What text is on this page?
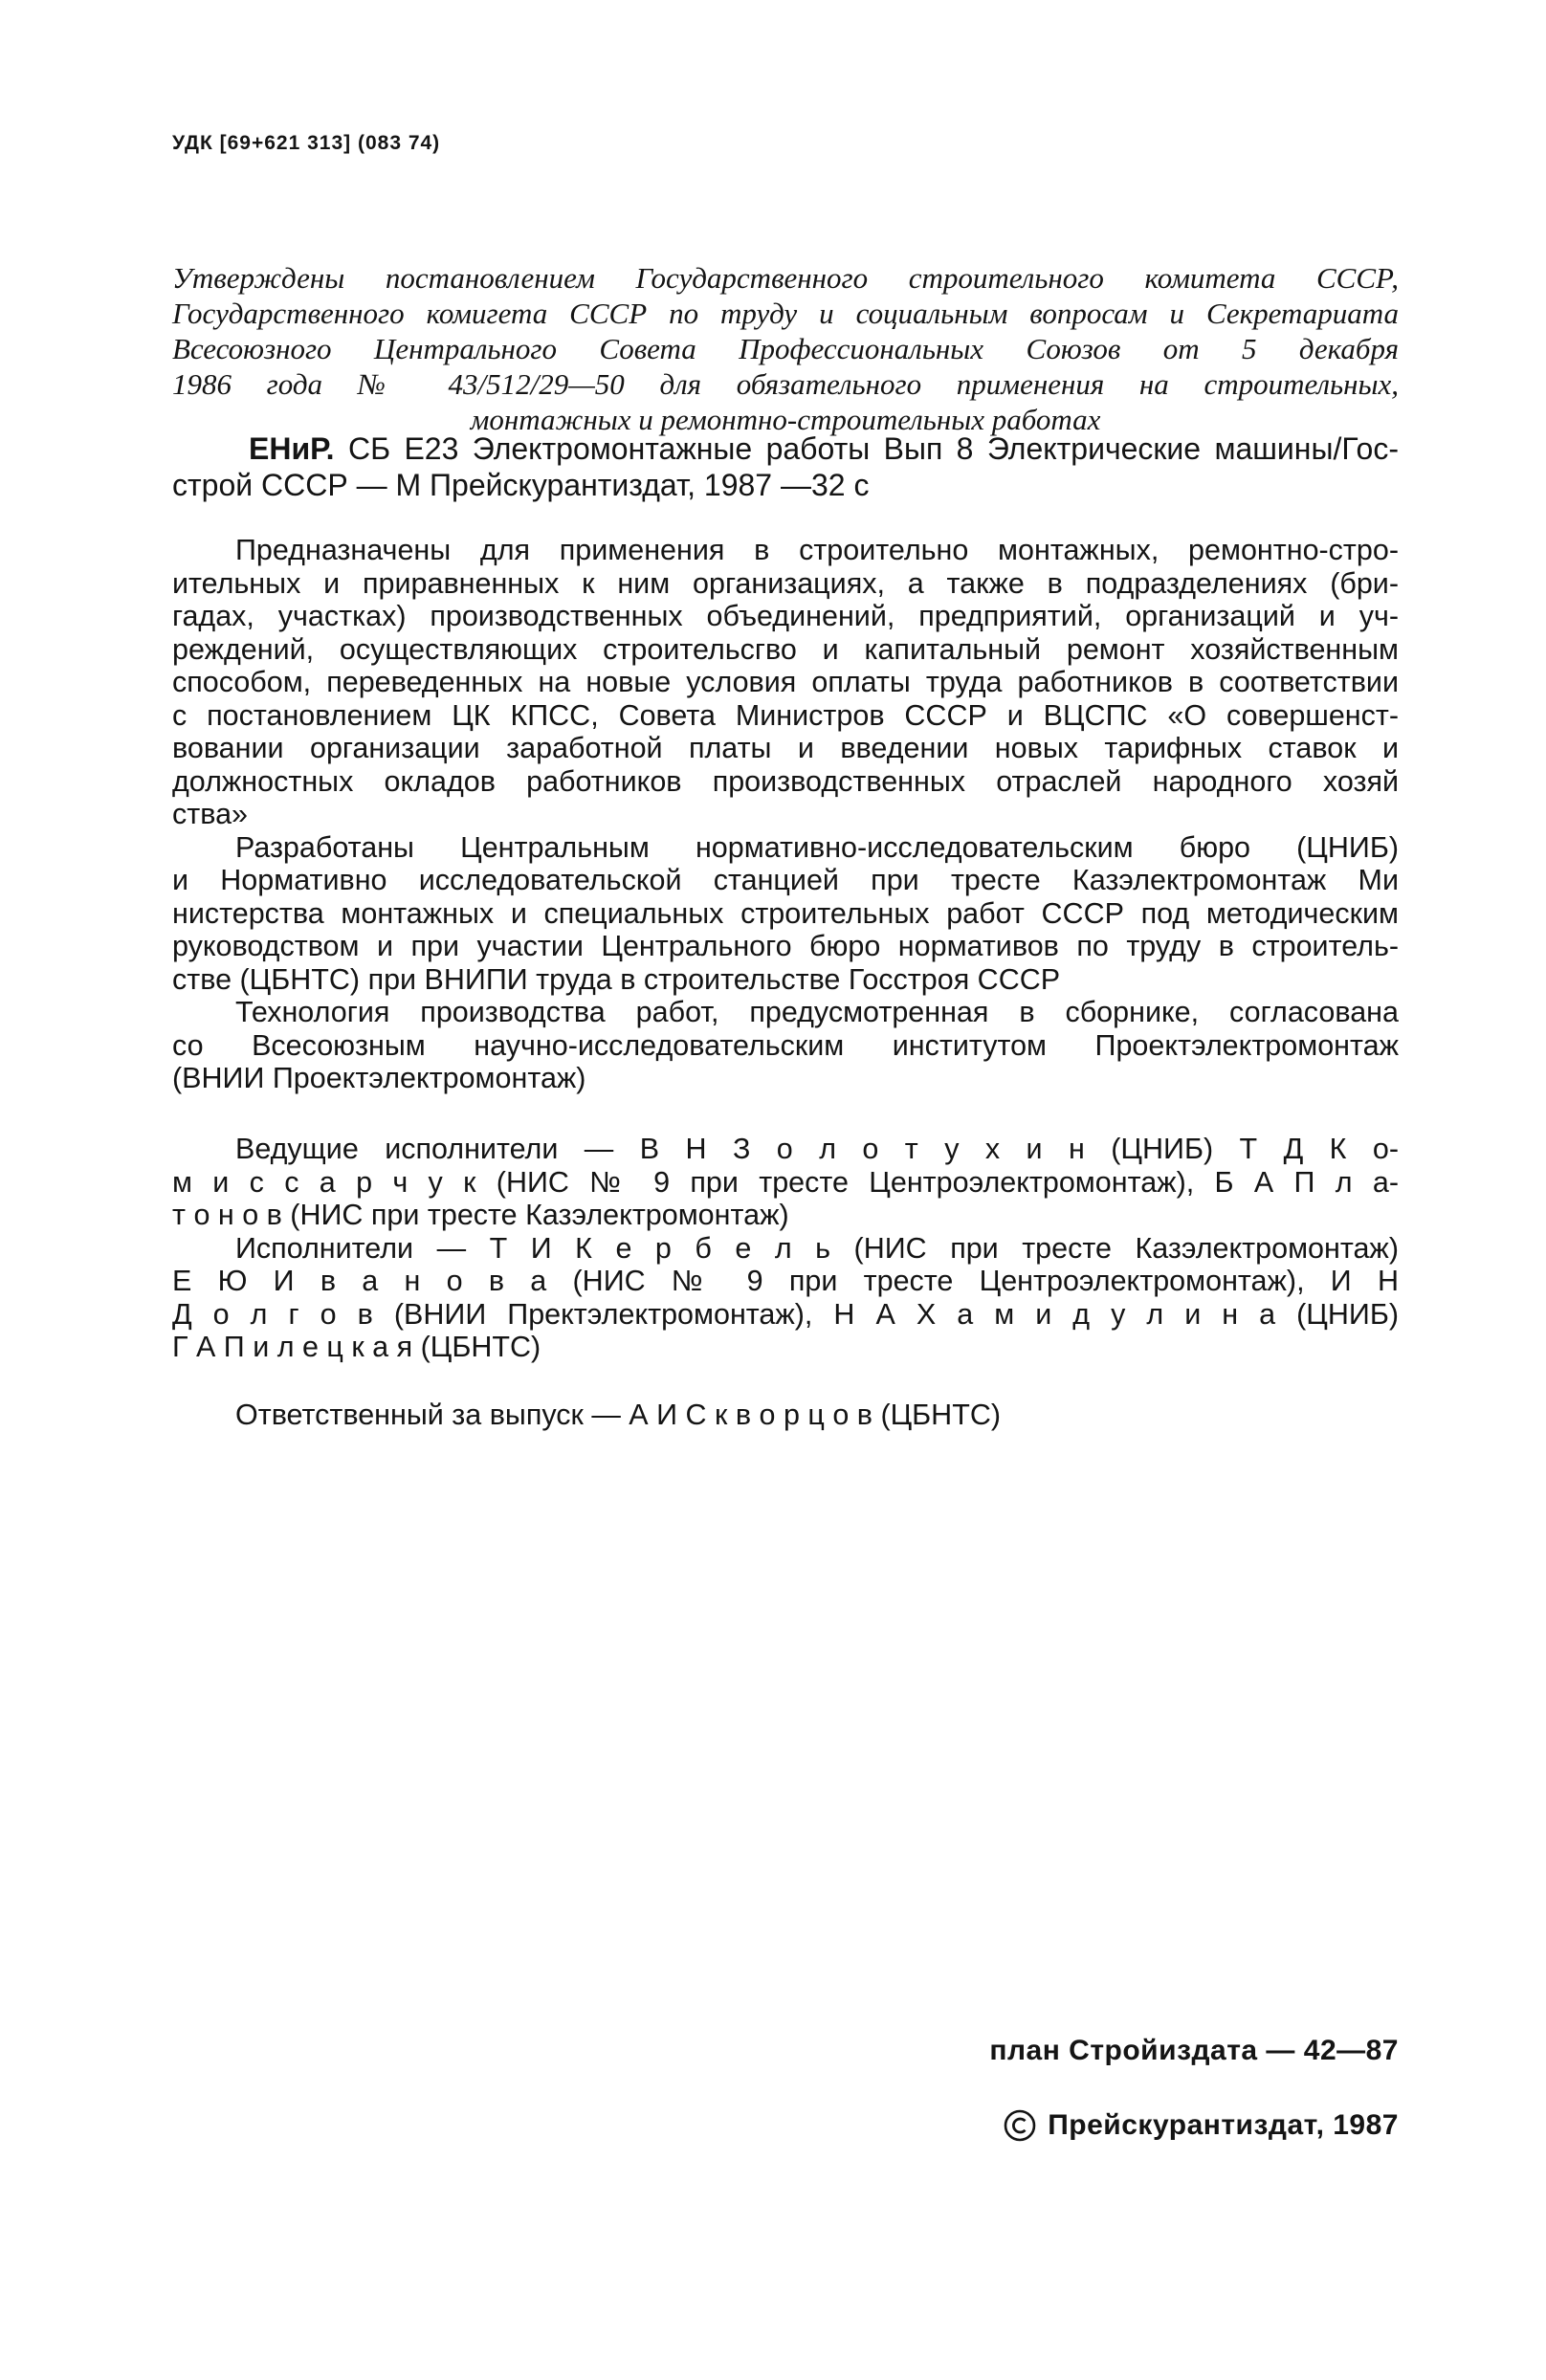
УДК [69+621 313] (083 74)
Утверждены постановлением Государственного строительного комитета СССР,
Государственного комигета СССР по труду и социальным вопросам и Секретариата
Всесоюзного Центрального Совета Профессиональных Союзов от 5 декабря
1986 года № 43/512/29—50 для обязательного применения на строительных,
монтажных и ремонтно-строительных работах
ЕНиР. СБ Е23 Электромонтажные работы Вып 8 Электрические машины/Гос-
строй СССР — М Прейскурантиздат, 1987 —32 с
Предназначены для применения в строительно монтажных, ремонтно-стро-
ительных и приравненных к ним организациях, а также в подразделениях (бри-
гадах, участках) производственных объединений, предприятий, организаций и уч-
реждений, осуществляющих строительсгво и капитальный ремонт хозяйственным
способом, переведенных на новые условия оплаты труда работников в соответствии
с постановлением ЦК КПСС, Совета Министров СССР и ВЦСПС «О совершенст-
вовании организации заработной платы и введении новых тарифных ставок и
должностных окладов работников производственных отраслей народного хозяй
ства»
Разработаны Центральным нормативно-исследовательским бюро (ЦНИБ)
и Нормативно исследовательской станцией при тресте Казэлектромонтаж Ми
нистерства монтажных и специальных строительных работ СССР под методическим
руководством и при участии Центрального бюро нормативов по труду в строитель-
стве (ЦБНТС) при ВНИПИ труда в строительстве Госстроя СССР
Технология производства работ, предусмотренная в сборнике, согласована
со Всесоюзным научно-исследовательским институтом Проектэлектромонтаж
(ВНИИ Проектэлектромонтаж)
Ведущие исполнители — В Н З о л о т у х и н (ЦНИБ) Т Д К о-
м и с с а р ч у к (НИС № 9 при тресте Центроэлектромонтаж), Б А П л а-
т о н о в (НИС при тресте Казэлектромонтаж)
Исполнители — Т И К е р б е л ь (НИС при тресте Казэлектромонтаж)
Е Ю И в а н о в а (НИС № 9 при тресте Центроэлектромонтаж), И Н
Д о л г о в (ВНИИ Пректэлектромонтаж), Н А Х а м и д у л и н а (ЦНИБ)
Г А П и л е ц к а я (ЦБНТС)
Ответственный за выпуск — А И С к в о р ц о в (ЦБНТС)
план Стройиздата — 42—87
Прейскурантиздат, 1987
